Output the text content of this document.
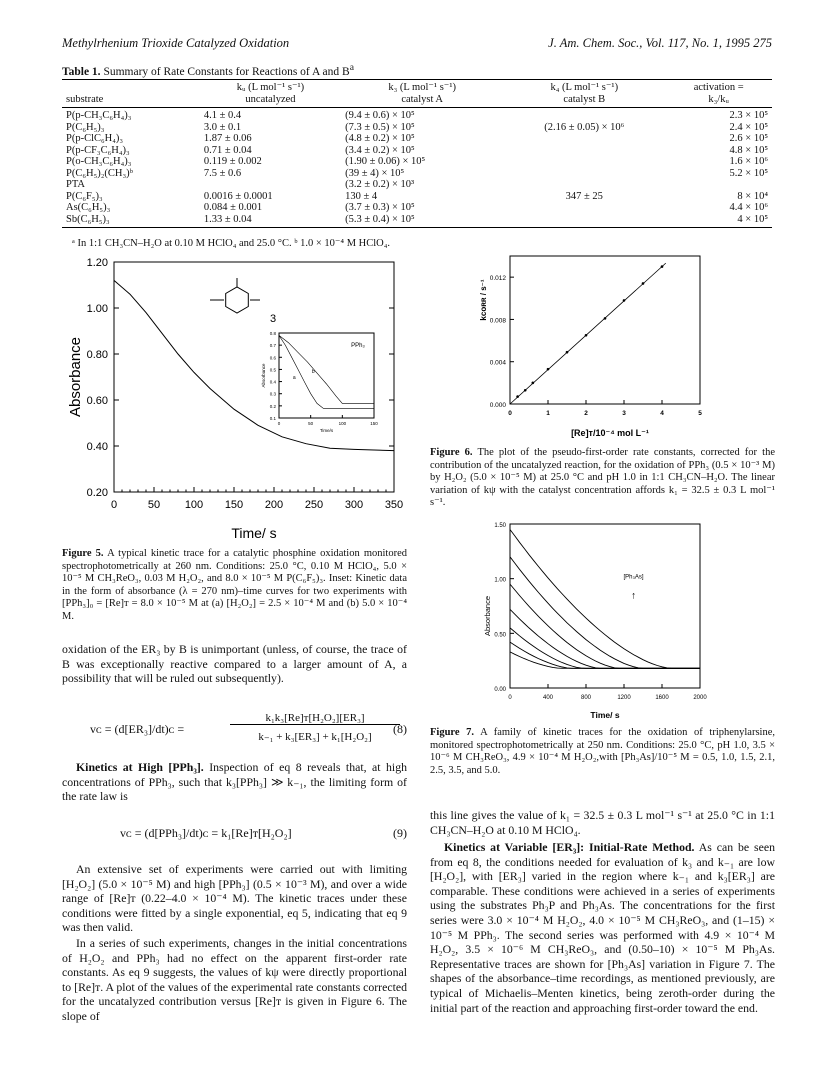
Methylrhenium Trioxide Catalyzed Oxidation	J. Am. Chem. Soc., Vol. 117, No. 1, 1995 275
Table 1. Summary of Rate Constants for Reactions of A and $B^a$
	kᵤ (L mol⁻¹ s⁻¹)	k₃ (L mol⁻¹ s⁻¹)	k₄ (L mol⁻¹ s⁻¹)	activation =
substrate	uncatalyzed	catalyst A	catalyst B	k₃/kᵤ
P(p-CH₃C₆H₄)₃	4.1 ± 0.4	(9.4 ± 0.6) × 10⁵		2.3 × 10⁵
P(C₆H₅)₃	3.0 ± 0.1	(7.3 ± 0.5) × 10⁵	(2.16 ± 0.05) × 10⁶	2.4 × 10⁵
P(p-ClC₆H₄)₃	1.87 ± 0.06	(4.8 ± 0.2) × 10⁵		2.6 × 10⁵
P(p-CF₃C₆H₄)₃	0.71 ± 0.04	(3.4 ± 0.2) × 10⁵		4.8 × 10⁵
P(o-CH₃C₆H₄)₃	0.119 ± 0.002	(1.90 ± 0.06) × 10⁵		1.6 × 10⁶
P(C₆H₅)₂(CH₃)ᵇ	7.5 ± 0.6	(39 ± 4) × 10⁵		5.2 × 10⁵
PTA		(3.2 ± 0.2) × 10³		
P(C₆F₅)₃	0.0016 ± 0.0001	130 ± 4	347 ± 25	8 × 10⁴
As(C₆H₅)₃	0.084 ± 0.001	(3.7 ± 0.3) × 10⁵		4.4 × 10⁶
Sb(C₆H₅)₃	1.33 ± 0.04	(5.3 ± 0.4) × 10⁵		4 × 10⁵
ᵃ In 1:1 CH₃CN–H₂O at 0.10 M HClO₄ and 25.0 °C. ᵇ 1.0 × 10⁻⁴ M HClO₄.
0.20
0.40
0.60
0.80
1.00
1.20
0	50 100 150 200 250 300 350
Time/ s
Absorbance
3
0.1
0.2
0.3
0.4
0.5
0.6
0.7
0.8
0	50	100	150
Time/s
Absorbance
PPh₃
a
b
Figure 5. A typical kinetic trace for a catalytic phosphine oxidation monitored spectrophotometrically at 260 nm. Conditions: 25.0 °C, 0.10 M HClO₄, 5.0 × 10⁻⁵ M CH₃ReO₃, 0.03 M H₂O₂, and 8.0 × 10⁻⁵ M P(C₆F₅)₃. Inset: Kinetic data in the form of absorbance (λ = 270 nm)–time curves for two experiments with [PPh₃]₀ = [Re]ᴛ = 8.0 × 10⁻⁵ M at (a) [H₂O₂] = 2.5 × 10⁻⁴ M and (b) 5.0 × 10⁻⁴ M.
0.000
0.004
0.008
0.012
0	1	2	3	4	5
[Re]ᴛ/10⁻⁴ mol L⁻¹
kᴄᴏʀʀ / s⁻¹
Figure 6. The plot of the pseudo-first-order rate constants, corrected for the contribution of the uncatalyzed reaction, for the oxidation of PPh₃ (0.5 × 10⁻³ M) by H₂O₂ (5.0 × 10⁻⁵ M) at 25.0 °C and pH 1.0 in 1:1 CH₃CN–H₂O. The linear variation of kψ with the catalyst concentration affords k₁ = 32.5 ± 0.3 L mol⁻¹ s⁻¹.
0.00
0.50
1.00
1.50
0	400	800	1200	1600	2000
Time/ s
Absorbance
[Ph₃As]
↑
Figure 7. A family of kinetic traces for the oxidation of triphenylarsine, monitored spectrophotometrically at 250 nm. Conditions: 25.0 °C, pH 1.0, 3.5 × 10⁻⁶ M CH₃ReO₃, 4.9 × 10⁻⁴ M H₂O₂,with [Ph₃As]/10⁻⁵ M = 0.5, 1.0, 1.5, 2.1, 2.5, 3.5, and 5.0.
oxidation of the ER₃ by B is unimportant (unless, of course, the trace of B was exceptionally reactive compared to a larger amount of A, a possibility that will be ruled out subsequently).
vᴄ = (d[ER₃]/dt)ᴄ =
k₁k₃[Re]ᴛ[H₂O₂][ER₃]
k₋₁ + k₃[ER₃] + k₁[H₂O₂]
(8)
Kinetics at High [PPh₃]. Inspection of eq 8 reveals that, at high concentrations of PPh₃, such that k₃[PPh₃] ≫ k₋₁, the limiting form of the rate law is
vᴄ = (d[PPh₃]/dt)ᴄ = k₁[Re]ᴛ[H₂O₂]	(9)
An extensive set of experiments were carried out with limiting [H₂O₂] (5.0 × 10⁻⁵ M) and high [PPh₃] (0.5 × 10⁻³ M), and over a wide range of [Re]ᴛ (0.22–4.0 × 10⁻⁴ M). The kinetic traces under these conditions were fitted by a single exponential, eq 5, indicating that eq 9 was then valid.
In a series of such experiments, changes in the initial concentrations of H₂O₂ and PPh₃ had no effect on the apparent first-order rate constants. As eq 9 suggests, the values of kψ were directly proportional to [Re]ᴛ. A plot of the values of the experimental rate constants corrected for the uncatalyzed contribution versus [Re]ᴛ is given in Figure 6. The slope of
this line gives the value of k₁ = 32.5 ± 0.3 L mol⁻¹ s⁻¹ at 25.0 °C in 1:1 CH₃CN–H₂O at 0.10 M HClO₄.
Kinetics at Variable [ER₃]: Initial-Rate Method. As can be seen from eq 8, the conditions needed for evaluation of k₃ and k₋₁ are low [H₂O₂], with [ER₃] varied in the region where k₋₁ and k₃[ER₃] are comparable. These conditions were achieved in a series of experiments using the substrates Ph₃P and Ph₃As. The concentrations for the first series were 3.0 × 10⁻⁴ M H₂O₂, 4.0 × 10⁻⁵ M CH₃ReO₃, and (1–15) × 10⁻⁵ M PPh₃. The second series was performed with 4.9 × 10⁻⁴ M H₂O₂, 3.5 × 10⁻⁶ M CH₃ReO₃, and (0.50–10) × 10⁻⁵ M Ph₃As. Representative traces are shown for [Ph₃As] variation in Figure 7. The shapes of the absorbance–time recordings, as mentioned previously, are typical of Michaelis–Menten kinetics, being zeroth-order during the initial part of the reaction and approaching first-order toward the end.
